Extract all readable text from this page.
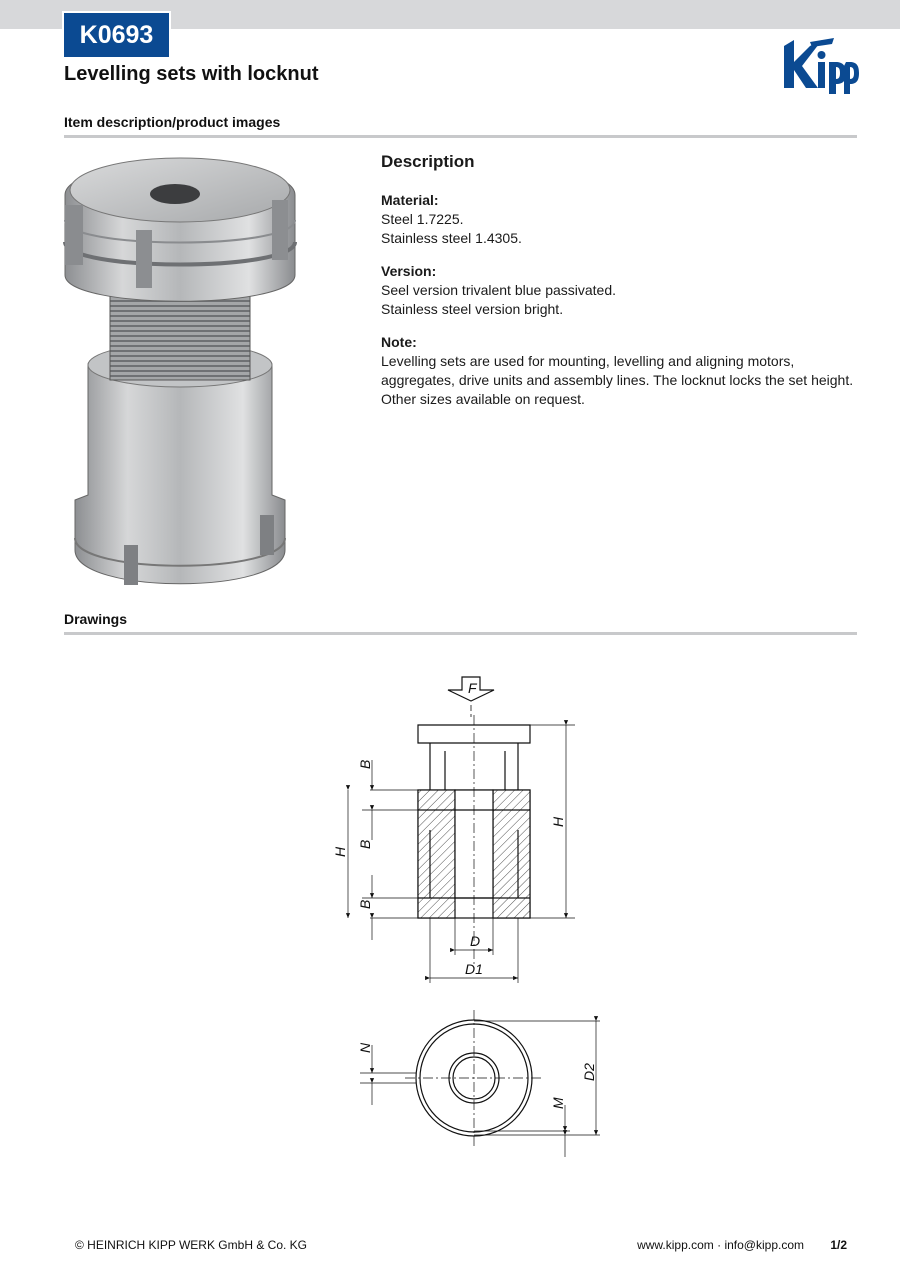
K0693
Levelling sets with locknut
Item description/product images
Description

Material:

Steel 1.7225.

Stainless steel 1.4305.

Version:

Seel version trivalent blue passivated.

Stainless steel version bright.

Note:

Levelling sets are used for mounting, levelling and aligning motors, aggregates, drive units and assembly lines. The locknut locks the set height. Other sizes available on request.

Drawings
F
H
H
B
B
B
D
D1
D2
N
M
© HEINRICH KIPP WERK GmbH & Co. KG	www.kipp.com · info@kipp.com 1/2
